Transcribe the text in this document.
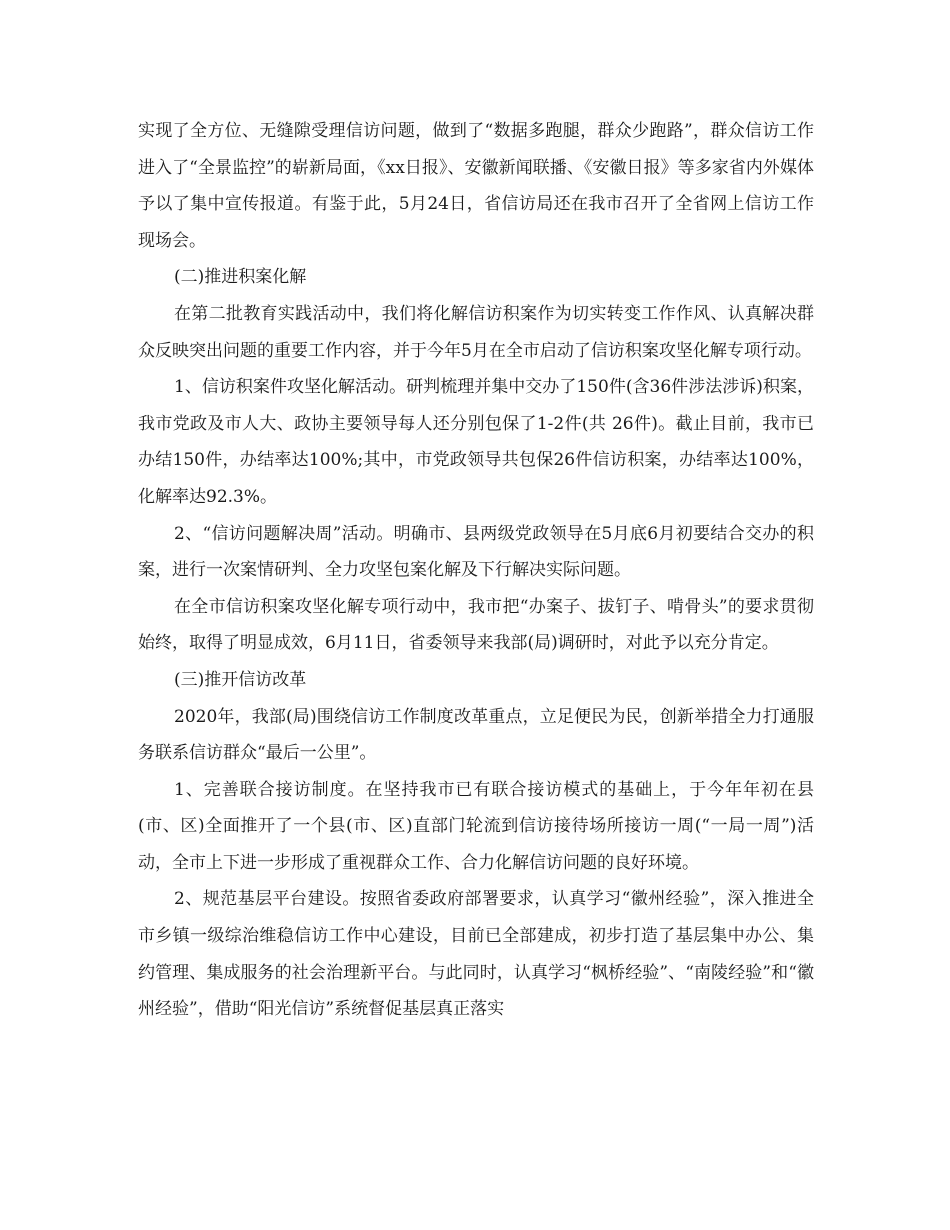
实现了全方位、无缝隙受理信访问题，做到了“数据多跑腿，群众少跑路”，群众信访工作进入了“全景监控”的崭新局面，《xx日报》、安徽新闻联播、《安徽日报》等多家省内外媒体予以了集中宣传报道。有鉴于此，5月24日，省信访局还在我市召开了全省网上信访工作现场会。

(二)推进积案化解

在第二批教育实践活动中，我们将化解信访积案作为切实转变工作作风、认真解决群众反映突出问题的重要工作内容，并于今年5月在全市启动了信访积案攻坚化解专项行动。

1、信访积案件攻坚化解活动。研判梳理并集中交办了150件(含36件涉法涉诉)积案，我市党政及市人大、政协主要领导每人还分别包保了1-2件(共 26件)。截止目前，我市已办结150件，办结率达100%;其中，市党政领导共包保26件信访积案，办结率达100%，化解率达92.3%。

2、“信访问题解决周”活动。明确市、县两级党政领导在5月底6月初要结合交办的积案，进行一次案情研判、全力攻坚包案化解及下行解决实际问题。

在全市信访积案攻坚化解专项行动中，我市把“办案子、拔钉子、啃骨头”的要求贯彻始终，取得了明显成效，6月11日，省委领导来我部(局)调研时，对此予以充分肯定。

(三)推开信访改革

2020年，我部(局)围绕信访工作制度改革重点，立足便民为民，创新举措全力打通服务联系信访群众“最后一公里”。

1、完善联合接访制度。在坚持我市已有联合接访模式的基础上，于今年年初在县(市、区)全面推开了一个县(市、区)直部门轮流到信访接待场所接访一周(“一局一周”)活动，全市上下进一步形成了重视群众工作、合力化解信访问题的良好环境。

2、规范基层平台建设。按照省委政府部署要求，认真学习“徽州经验”，深入推进全市乡镇一级综治维稳信访工作中心建设，目前已全部建成，初步打造了基层集中办公、集约管理、集成服务的社会治理新平台。与此同时，认真学习“枫桥经验”、“南陵经验”和“徽州经验”，借助“阳光信访”系统督促基层真正落实
